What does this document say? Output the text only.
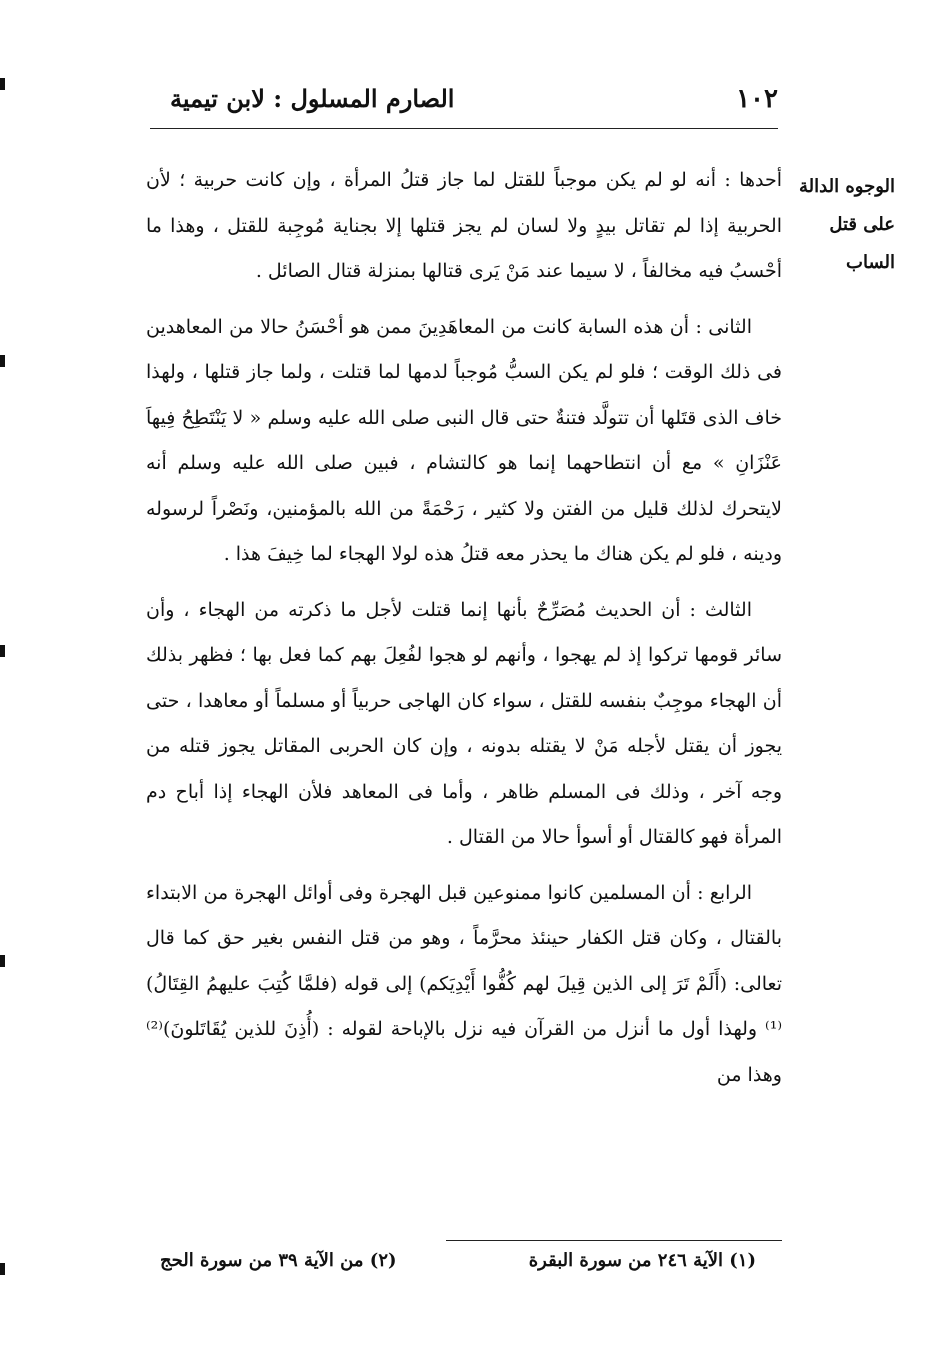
١٠٢
الصارم المسلول : لابن تيمية
الوجوه الدالة على قتل الساب

أحدها : أنه لو لم يكن موجباً للقتل لما جاز قتلُ المرأة ، وإن كانت حربية ؛ لأن الحربية إذا لم تقاتل بيدٍ ولا لسان لم يجز قتلها إلا بجناية مُوجِبة للقتل ، وهذا ما أحْسبُ فيه مخالفاً ، لا سيما عند مَنْ يَرى قتالها بمنزلة قتال الصائل .

الثانى : أن هذه السابة كانت من المعاهَدِينَ ممن هو أحْسَنُ حالا من المعاهدين فى ذلك الوقت ؛ فلو لم يكن السبُّ مُوجباً لدمها لما قتلت ، ولما جاز قتلها ، ولهذا خاف الذى قتَلها أن تتولَّد فتنةٌ حتى قال النبى صلى الله عليه وسلم « لا يَنْتَطِحُ فِيهاَ عَنْزَانِ » مع أن انتطاحهما إنما هو كالتشام ، فبين صلى الله عليه وسلم أنه لايتحرك لذلك قليل من الفتن ولا كثير ، رَحْمَةً من الله بالمؤمنين، ونَصْراً لرسوله ودينه ، فلو لم يكن هناك ما يحذر معه قتلُ هذه لولا الهجاء لما خِيفَ هذا .

الثالث : أن الحديث مُصَرِّحٌ بأنها إنما قتلت لأجل ما ذكرته من الهجاء ، وأن سائر قومها تركوا إذ لم يهجوا ، وأنهم لو هجوا لفُعِلَ بهم كما فعل بها ؛ فظهر بذلك أن الهجاء موجِبٌ بنفسه للقتل ، سواء كان الهاجى حربياً أو مسلماً أو معاهدا ، حتى يجوز أن يقتل لأجله مَنْ لا يقتله بدونه ، وإن كان الحربى المقاتل يجوز قتله من وجه آخر ، وذلك فى المسلم ظاهر ، وأما فى المعاهد فلأن الهجاء إذا أباح دم المرأة فهو كالقتال أو أسوأ حالا من القتال .

الرابع : أن المسلمين كانوا ممنوعين قبل الهجرة وفى أوائل الهجرة من الابتداء بالقتال ، وكان قتل الكفار حينئذ محرَّماً ، وهو من قتل النفس بغير حق كما قال تعالى: (أَلَمْ تَرَ إلى الذين قِيلَ لهم كُفُّوا أَيْدِيَكم) إلى قوله (فلمَّا كُتِبَ عليهمُ القِتَالُ)⁽¹⁾ ولهذا أول ما أنزل من القرآن فيه نزل بالإباحة لقوله : (أُذِنَ للذين يُقَاتَلونَ)⁽²⁾ وهذا من

(١) الآية ٢٤٦ من سورة البقرة
(٢) من الآية ٣٩ من سورة الحج
